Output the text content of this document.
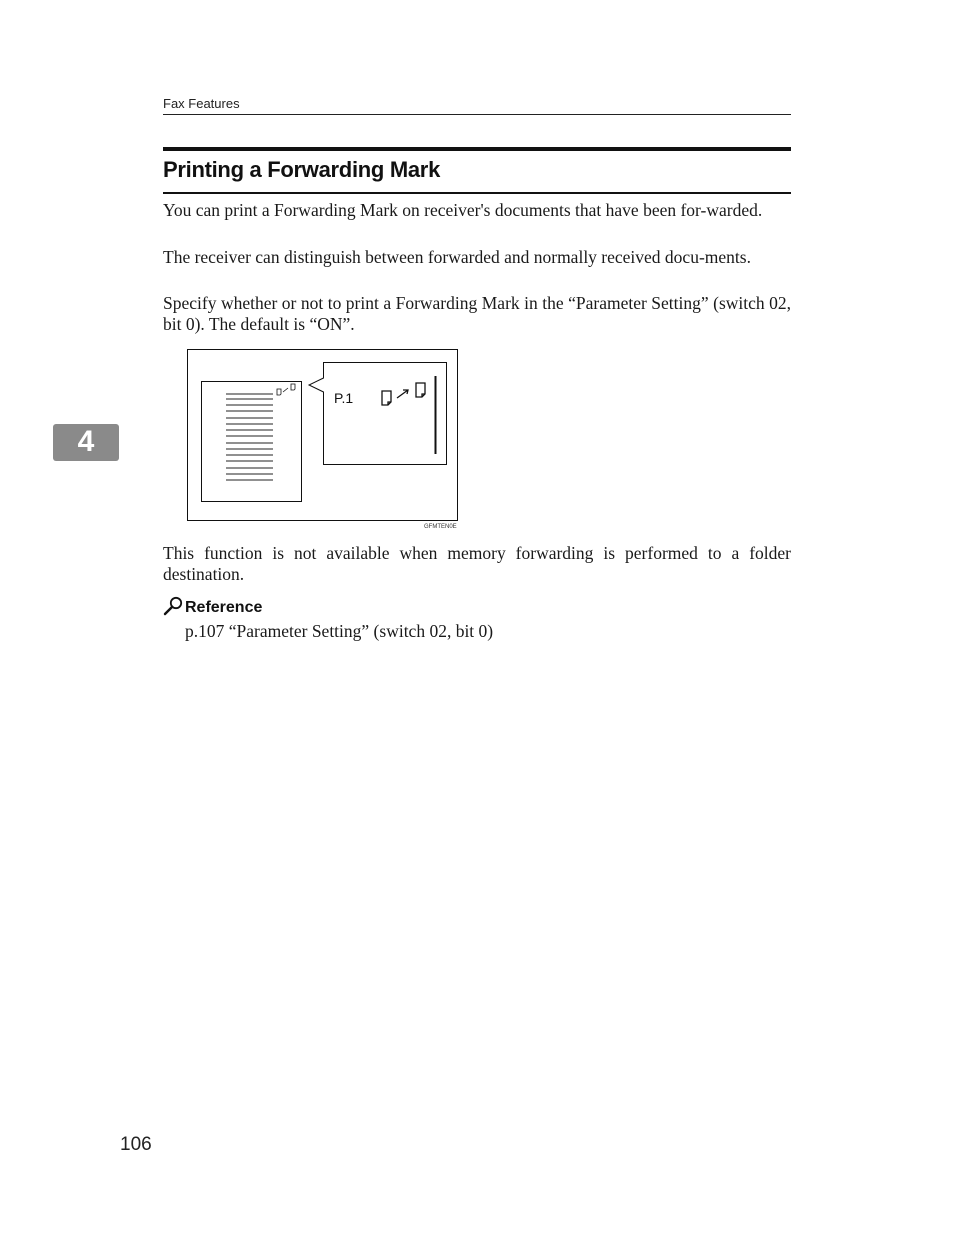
Fax Features
Printing a Forwarding Mark

You can print a Forwarding Mark on receiver's documents that have been for-warded.

The receiver can distinguish between forwarded and normally received docu-ments.

Specify whether or not to print a Forwarding Mark in the “Parameter Setting” (switch 02, bit 0). The default is “ON”.

4
P.1
GFMTEN0E

This function is not available when memory forwarding is performed to a folder destination.

Reference
p.107 “Parameter Setting” (switch 02, bit 0)
106
